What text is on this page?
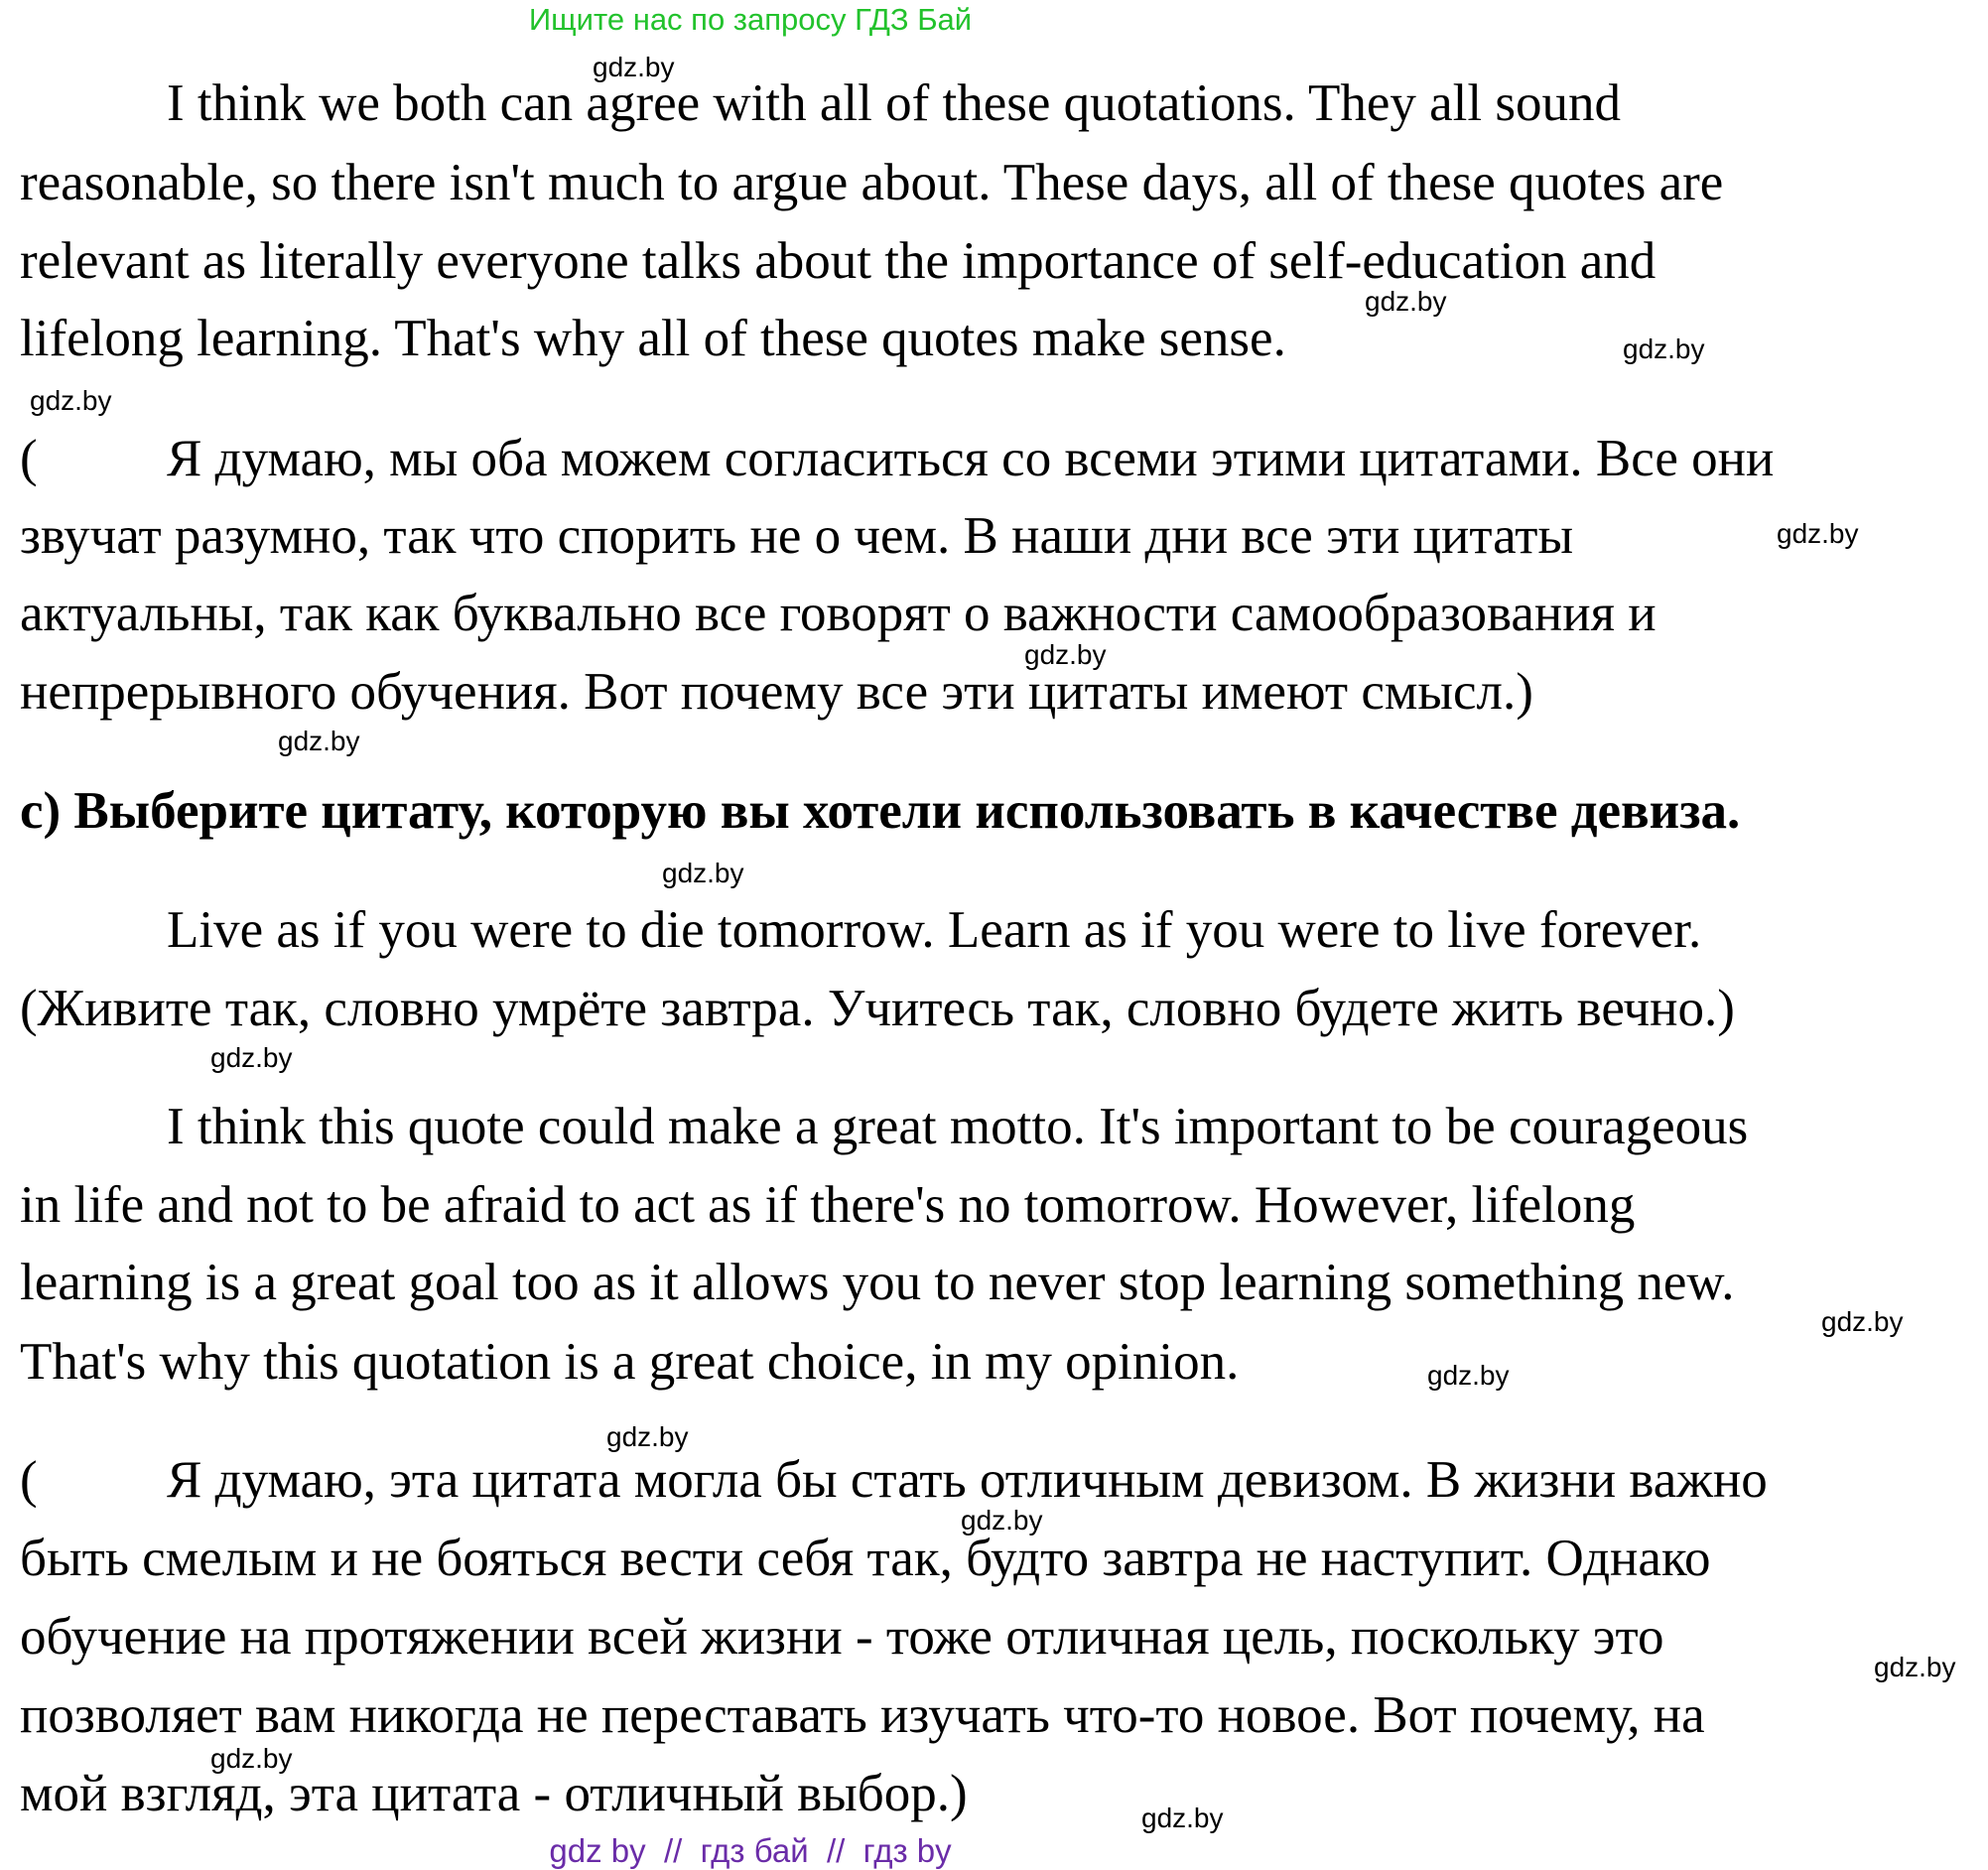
Ищите нас по запросу ГДЗ Бай
I think we both can agree with all of these quotations. They all sound
reasonable, so there isn't much to argue about. These days, all of these quotes are
relevant as literally everyone talks about the importance of self-education and
lifelong learning. That's why all of these quotes make sense.
( Я думаю, мы оба можем согласиться со всеми этими цитатами. Все они
звучат разумно, так что спорить не о чем. В наши дни все эти цитаты
актуальны, так как буквально все говорят о важности самообразования и
непрерывного обучения. Вот почему все эти цитаты имеют смысл.)
c) Выберите цитату, которую вы хотели использовать в качестве девиза.
Live as if you were to die tomorrow. Learn as if you were to live forever.
(Живите так, словно умрёте завтра. Учитесь так, словно будете жить вечно.)
I think this quote could make a great motto. It's important to be courageous
in life and not to be afraid to act as if there's no tomorrow. However, lifelong
learning is a great goal too as it allows you to never stop learning something new.
That's why this quotation is a great choice, in my opinion.
( Я думаю, эта цитата могла бы стать отличным девизом. В жизни важно
быть смелым и не бояться вести себя так, будто завтра не наступит. Однако
обучение на протяжении всей жизни - тоже отличная цель, поскольку это
позволяет вам никогда не переставать изучать что-то новое. Вот почему, на
мой взгляд, эта цитата - отличный выбор.)
gdz.by
gdz.by
gdz.by
gdz.by
gdz.by
gdz.by
gdz.by
gdz.by
gdz.by
gdz.by
gdz.by
gdz.by
gdz.by
gdz.by
gdz.by
gdz.by
gdz by  //  гдз бай  //  гдз by
